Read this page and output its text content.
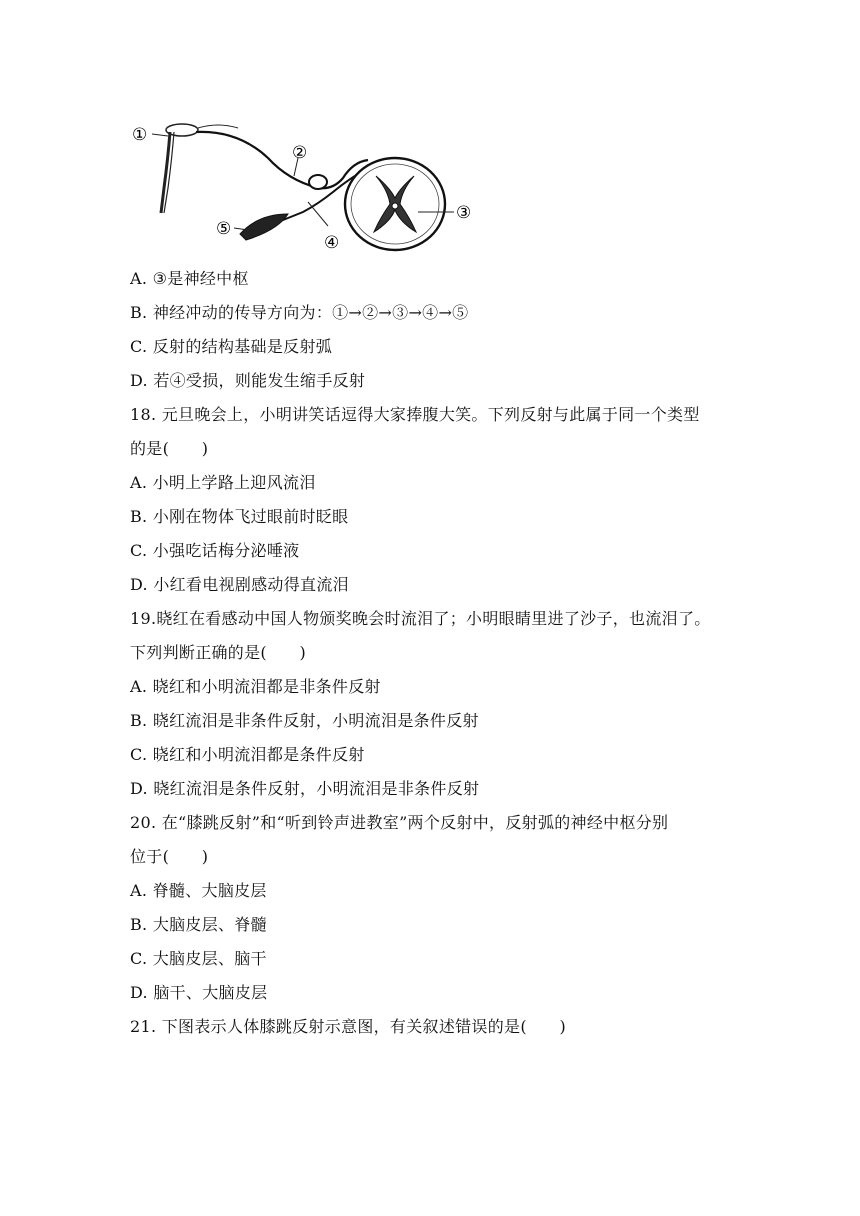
①
②
③
④
⑤
A. ③是神经中枢
B. 神经冲动的传导方向为：①→②→③→④→⑤
C. 反射的结构基础是反射弧
D. 若④受损，则能发生缩手反射
18. 元旦晚会上，小明讲笑话逗得大家捧腹大笑。下列反射与此属于同一个类型
的是(　　)
A. 小明上学路上迎风流泪
B. 小刚在物体飞过眼前时眨眼
C. 小强吃话梅分泌唾液
D. 小红看电视剧感动得直流泪
19.晓红在看感动中国人物颁奖晚会时流泪了；小明眼睛里进了沙子，也流泪了。
下列判断正确的是(　　)
A. 晓红和小明流泪都是非条件反射
B. 晓红流泪是非条件反射，小明流泪是条件反射
C. 晓红和小明流泪都是条件反射
D. 晓红流泪是条件反射，小明流泪是非条件反射
20. 在“膝跳反射”和“听到铃声进教室”两个反射中，反射弧的神经中枢分别
位于(　　)
A. 脊髓、大脑皮层
B. 大脑皮层、脊髓
C. 大脑皮层、脑干
D. 脑干、大脑皮层
21. 下图表示人体膝跳反射示意图，有关叙述错误的是(　　)
